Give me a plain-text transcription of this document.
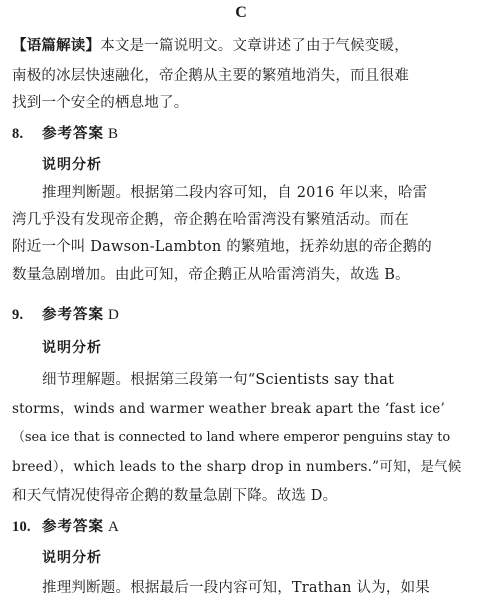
C
【语篇解读】本文是一篇说明文。文章讲述了由于气候变暖，
南极的冰层快速融化，帝企鹅从主要的繁殖地消失，而且很难
找到一个安全的栖息地了。
8. 参考答案 B
说明分析
推理判断题。根据第二段内容可知，自 2016 年以来，哈雷
湾几乎没有发现帝企鹅，帝企鹅在哈雷湾没有繁殖活动。而在
附近一个叫 Dawson-Lambton 的繁殖地，抚养幼崽的帝企鹅的
数量急剧增加。由此可知，帝企鹅正从哈雷湾消失，故选 B。
9. 参考答案 D
说明分析
细节理解题。根据第三段第一句“Scientists say that
storms，winds and warmer weather break apart the ‘fast ice’
（sea ice that is connected to land where emperor penguins stay to
breed），which leads to the sharp drop in numbers.”可知，是气候
和天气情况使得帝企鹅的数量急剧下降。故选 D。
10. 参考答案 A
说明分析
推理判断题。根据最后一段内容可知，Trathan 认为，如果
